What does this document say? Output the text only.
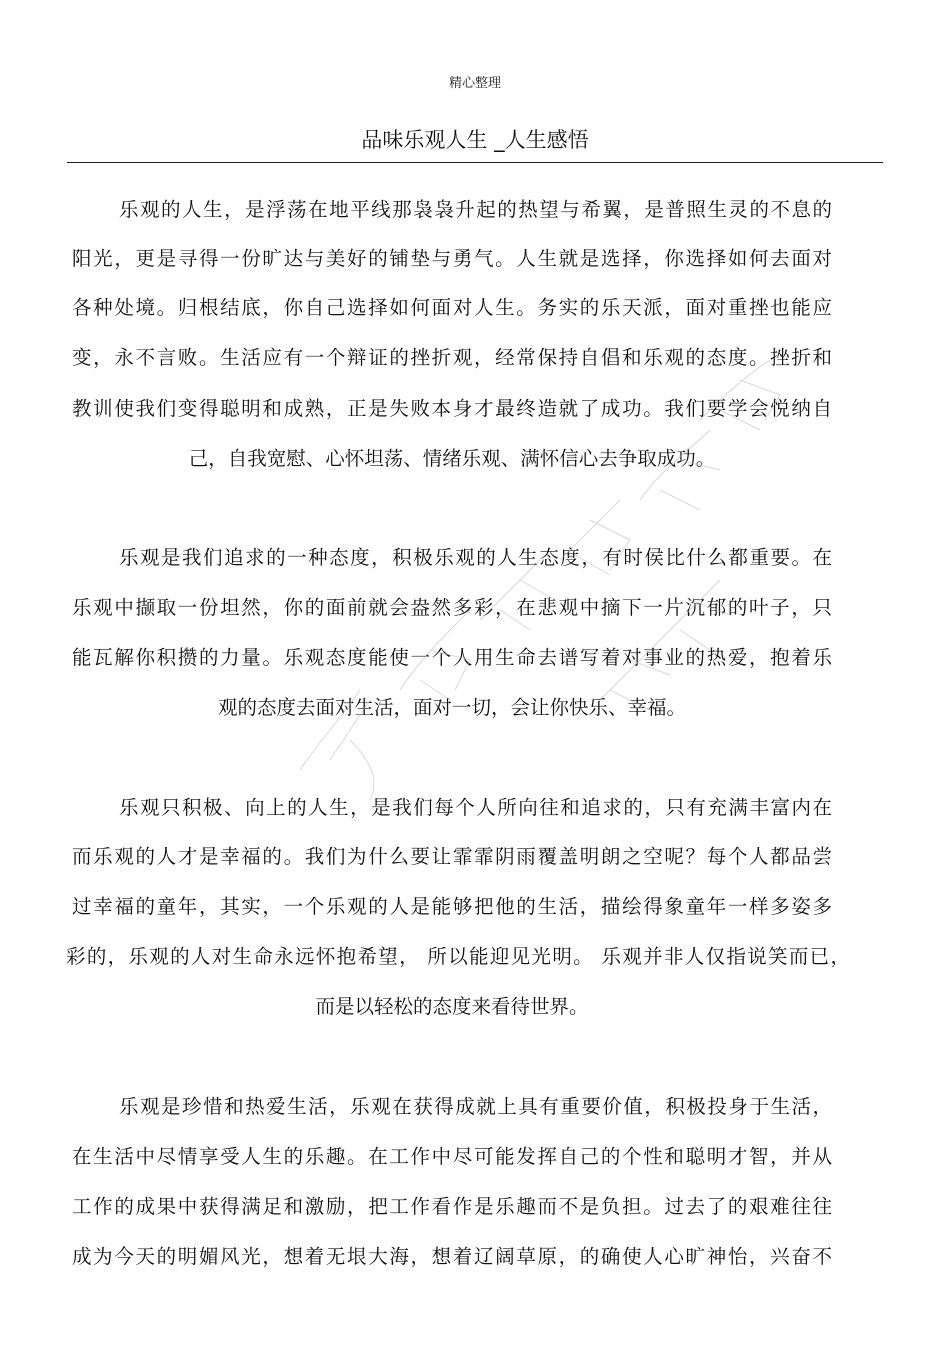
精心整理
品味乐观人生 _人生感悟
乐观的人生，是浮荡在地平线那袅袅升起的热望与希翼，是普照生灵的不息的
阳光，更是寻得一份旷达与美好的铺垫与勇气。人生就是选择，你选择如何去面对
各种处境。归根结底，你自己选择如何面对人生。务实的乐天派，面对重挫也能应
变，永不言败。生活应有一个辩证的挫折观，经常保持自倡和乐观的态度。挫折和
教训使我们变得聪明和成熟，正是失败本身才最终造就了成功。我们要学会悦纳自
己，自我宽慰、心怀坦荡、情绪乐观、满怀信心去争取成功。
乐观是我们追求的一种态度，积极乐观的人生态度，有时侯比什么都重要。在
乐观中撷取一份坦然，你的面前就会盎然多彩，在悲观中摘下一片沉郁的叶子，只
能瓦解你积攒的力量。乐观态度能使一个人用生命去谱写着对事业的热爱，抱着乐
观的态度去面对生活，面对一切，会让你快乐、幸福。
乐观只积极、向上的人生，是我们每个人所向往和追求的，只有充满丰富内在
而乐观的人才是幸福的。我们为什么要让霏霏阴雨覆盖明朗之空呢？每个人都品尝
过幸福的童年，其实，一个乐观的人是能够把他的生活，描绘得象童年一样多姿多
彩的，乐观的人对生命永远怀抱希望， 所以能迎见光明。 乐观并非人仅指说笑而已，
而是以轻松的态度来看待世界。
乐观是珍惜和热爱生活，乐观在获得成就上具有重要价值，积极投身于生活，
在生活中尽情享受人生的乐趣。在工作中尽可能发挥自己的个性和聪明才智，并从
工作的成果中获得满足和激励，把工作看作是乐趣而不是负担。过去了的艰难往往
成为今天的明媚风光，想着无垠大海，想着辽阔草原，的确使人心旷神怡，兴奋不
